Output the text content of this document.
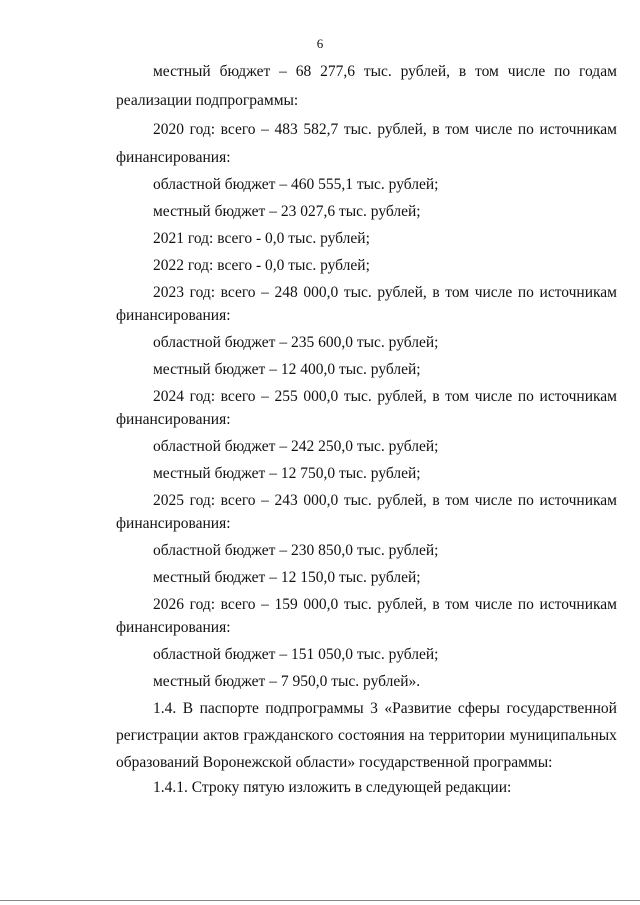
6
местный бюджет – 68 277,6 тыс. рублей, в том числе по годам
реализации подпрограммы:
2020 год: всего – 483 582,7 тыс. рублей, в том числе по источникам
финансирования:
областной бюджет – 460 555,1 тыс. рублей;
местный бюджет – 23 027,6 тыс. рублей;
2021 год: всего - 0,0 тыс. рублей;
2022 год: всего - 0,0 тыс. рублей;
2023 год: всего – 248 000,0 тыс. рублей, в том числе по источникам
финансирования:
областной бюджет – 235 600,0 тыс. рублей;
местный бюджет – 12 400,0 тыс. рублей;
2024 год: всего – 255 000,0 тыс. рублей, в том числе по источникам
финансирования:
областной бюджет – 242 250,0 тыс. рублей;
местный бюджет – 12 750,0 тыс. рублей;
2025 год: всего – 243 000,0 тыс. рублей, в том числе по источникам
финансирования:
областной бюджет – 230 850,0 тыс. рублей;
местный бюджет – 12 150,0 тыс. рублей;
2026 год: всего – 159 000,0 тыс. рублей, в том числе по источникам
финансирования:
областной бюджет – 151 050,0 тыс. рублей;
местный бюджет – 7 950,0 тыс. рублей».
1.4. В паспорте подпрограммы 3 «Развитие сферы государственной
регистрации актов гражданского состояния на территории муниципальных
образований Воронежской области» государственной программы:
1.4.1. Строку пятую изложить в следующей редакции:
